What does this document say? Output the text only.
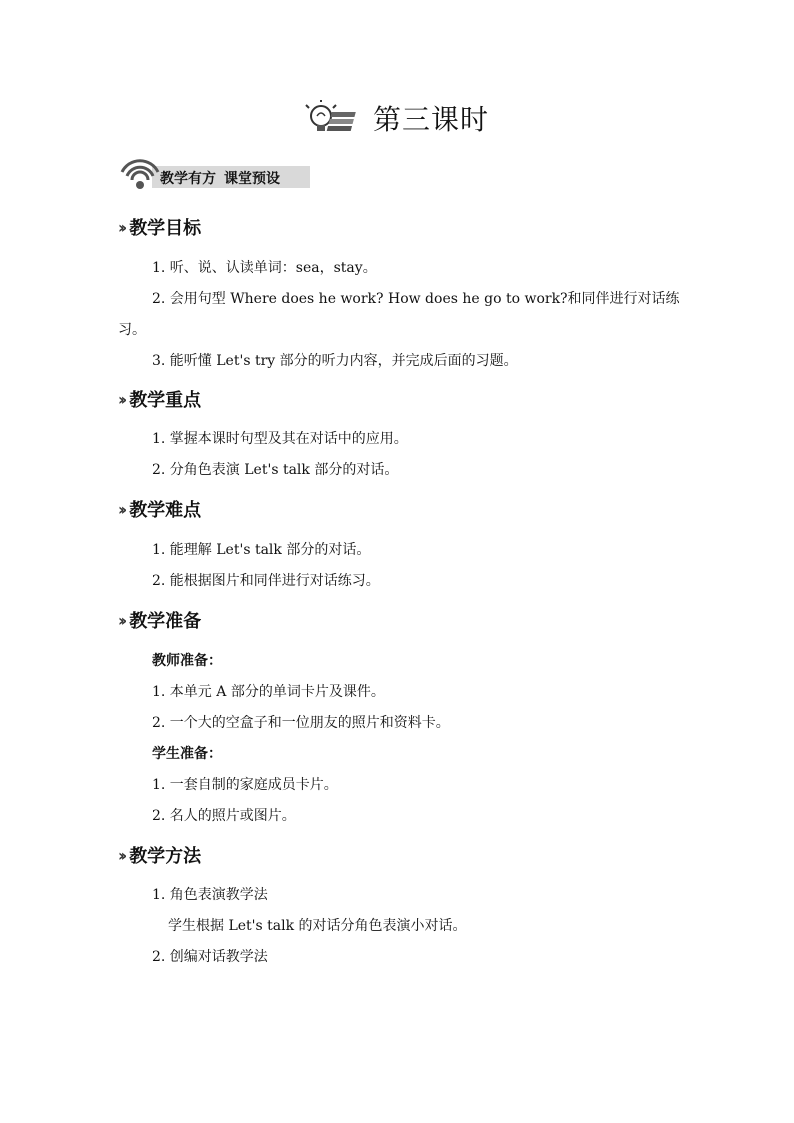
第三课时
教学有方 课堂预设
›› 教学目标
1. 听、说、认读单词：sea，stay。
2. 会用句型 Where does he work? How does he go to work?和同伴进行对话练
习。
3. 能听懂 Let's try 部分的听力内容，并完成后面的习题。
›› 教学重点
1. 掌握本课时句型及其在对话中的应用。
2. 分角色表演 Let's talk 部分的对话。
›› 教学难点
1. 能理解 Let's talk 部分的对话。
2. 能根据图片和同伴进行对话练习。
›› 教学准备
教师准备：
1. 本单元 A 部分的单词卡片及课件。
2. 一个大的空盒子和一位朋友的照片和资料卡。
学生准备：
1. 一套自制的家庭成员卡片。
2. 名人的照片或图片。
›› 教学方法
1. 角色表演教学法
学生根据 Let's talk 的对话分角色表演小对话。
2. 创编对话教学法
